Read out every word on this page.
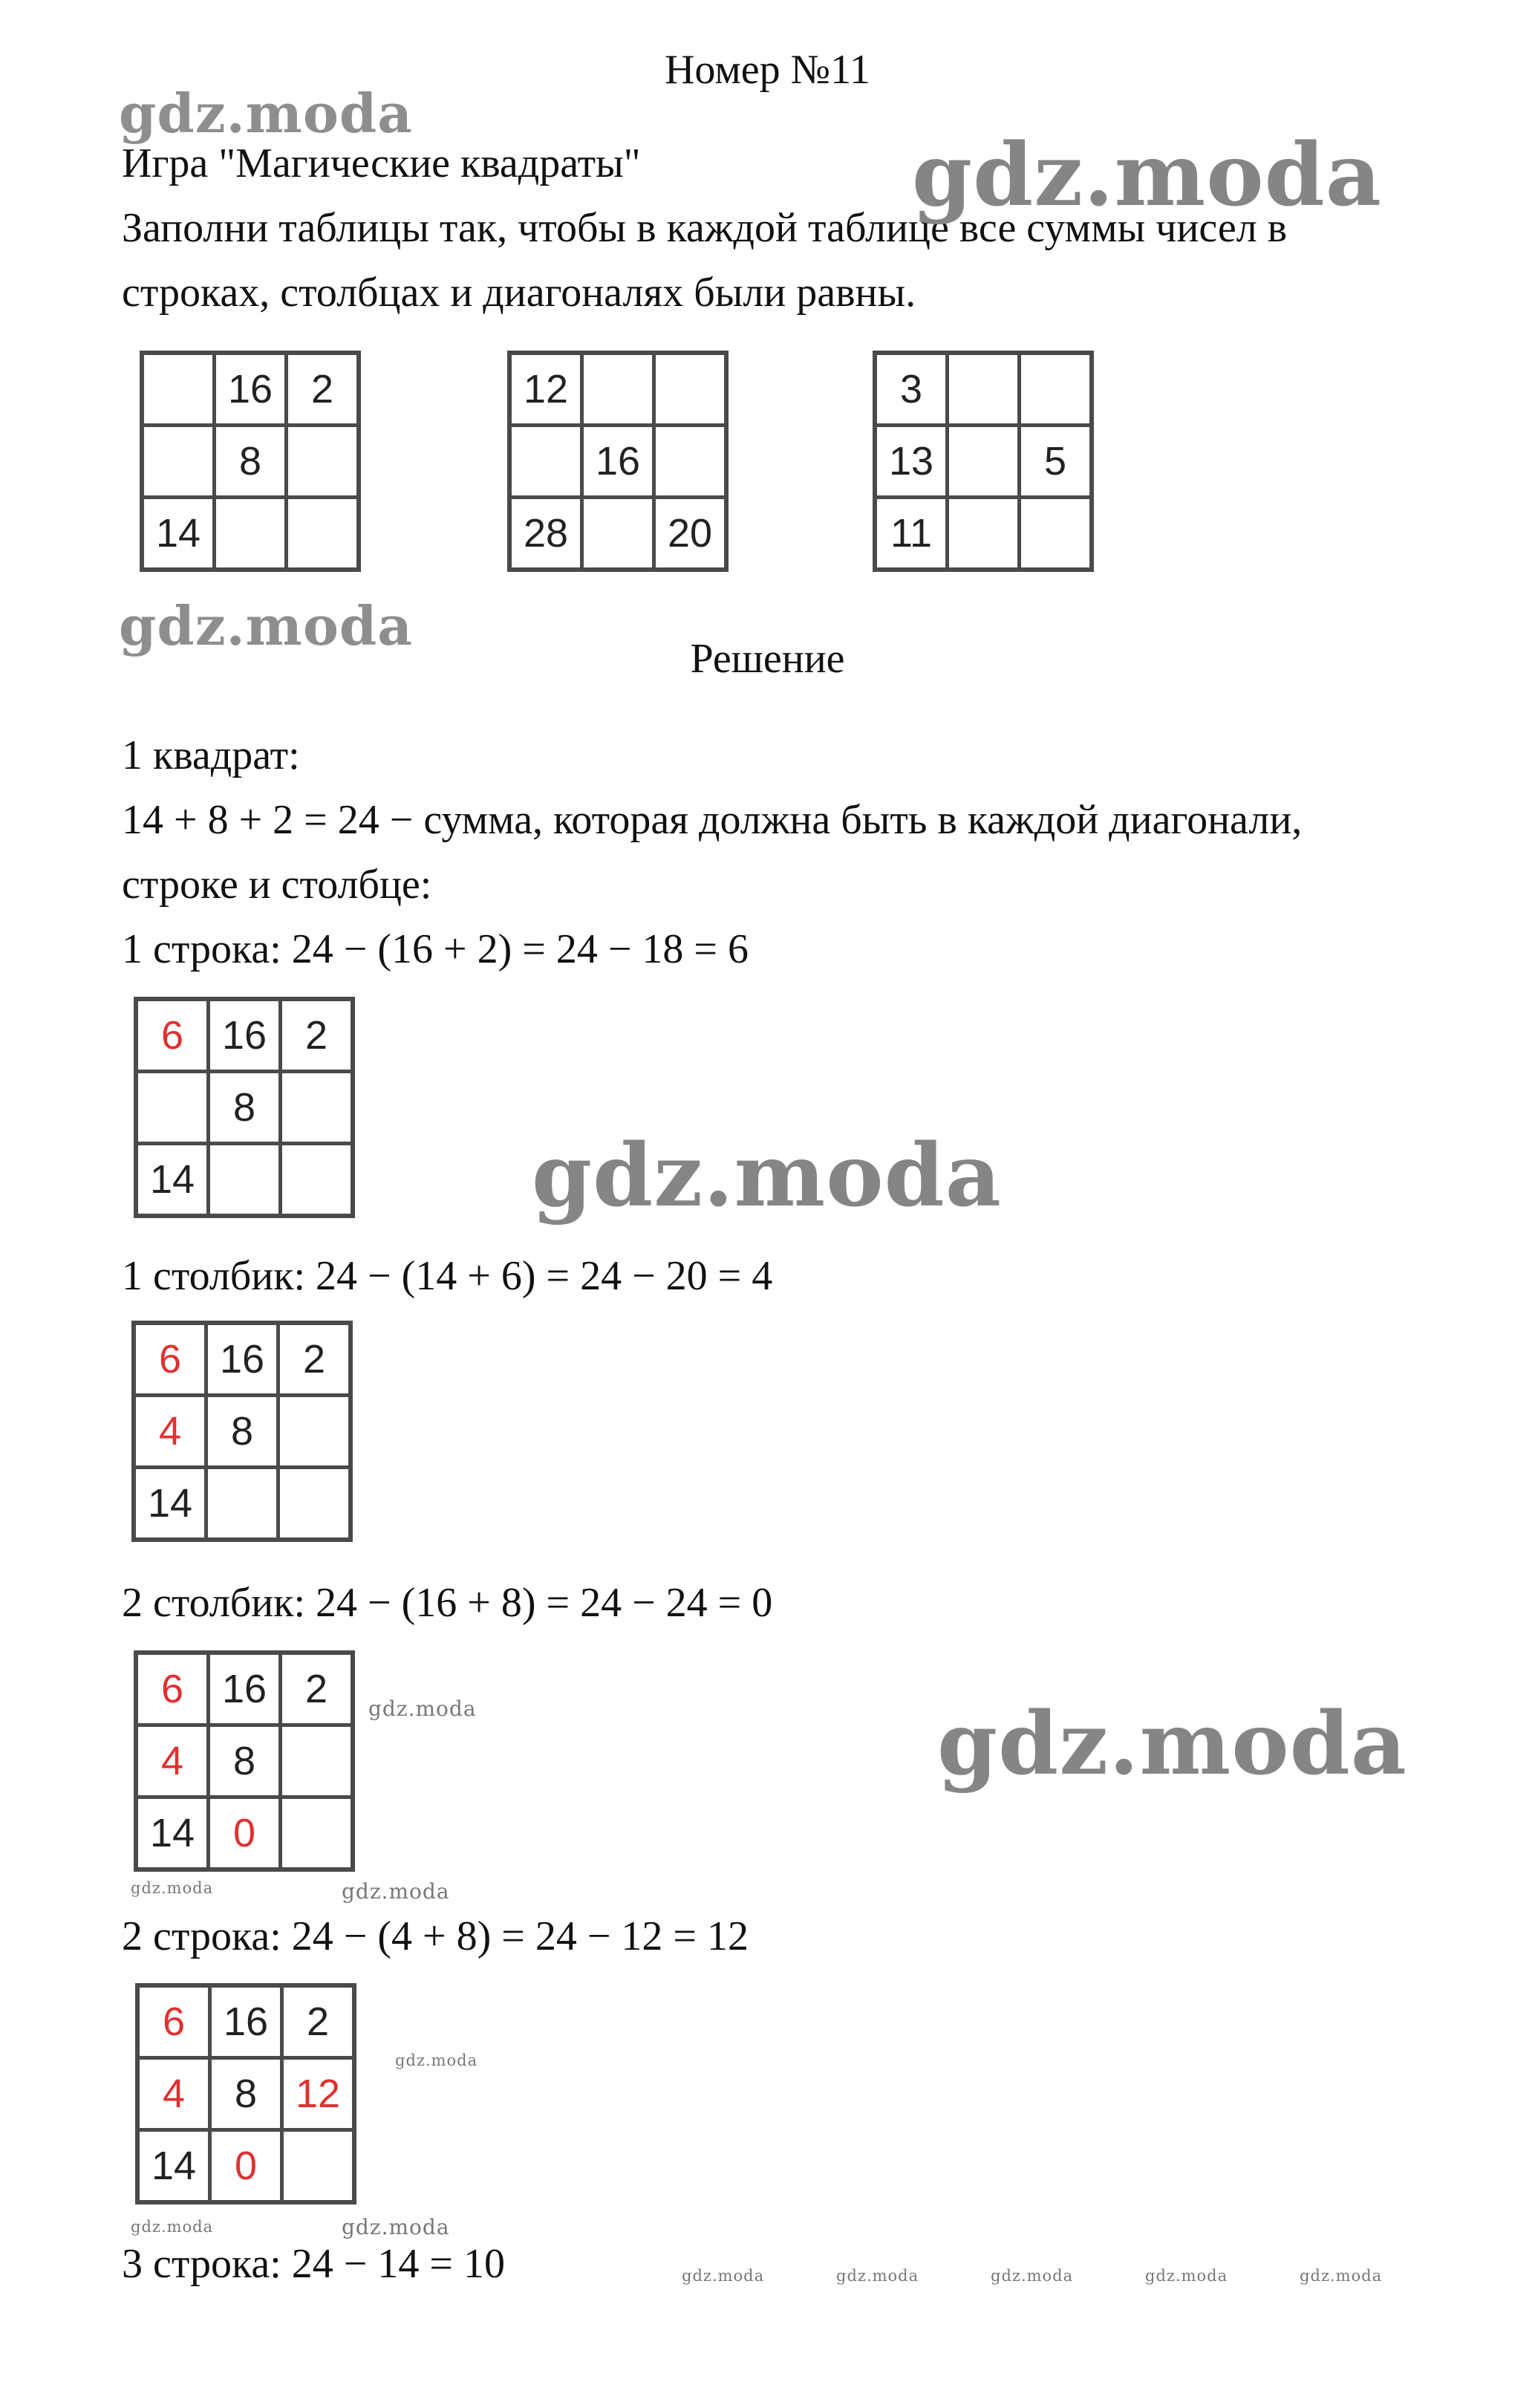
Номер №11

Игра "Магические квадраты"

Заполни таблицы так, чтобы в каждой таблице все суммы чисел в

строках, столбцах и диагоналях были равны.

	16	2
	8	
14		
12		
	16	
28		20
3		
13		5
11		

Решение

1 квадрат:

14 + 8 + 2 = 24 − сумма, которая должна быть в каждой диагонали,

строке и столбце:

1 строка: 24 − (16 + 2) = 24 − 18 = 6

6	16	2
	8	
14		

1 столбик: 24 − (14 + 6) = 24 − 20 = 4

6	16	2
4	8	
14		

2 столбик: 24 − (16 + 8) = 24 − 24 = 0

6	16	2
4	8	
14	0	

2 строка: 24 − (4 + 8) = 24 − 12 = 12

6	16	2
4	8	12
14	0	

3 строка: 24 − 14 = 10

gdz.moda

gdz.moda

gdz.moda

gdz.moda

gdz.moda

gdz.moda

gdz.moda	gdz.moda

gdz.moda

gdz.moda	gdz.moda

gdz.moda	gdz.moda	gdz.moda	gdz.moda	gdz.moda
